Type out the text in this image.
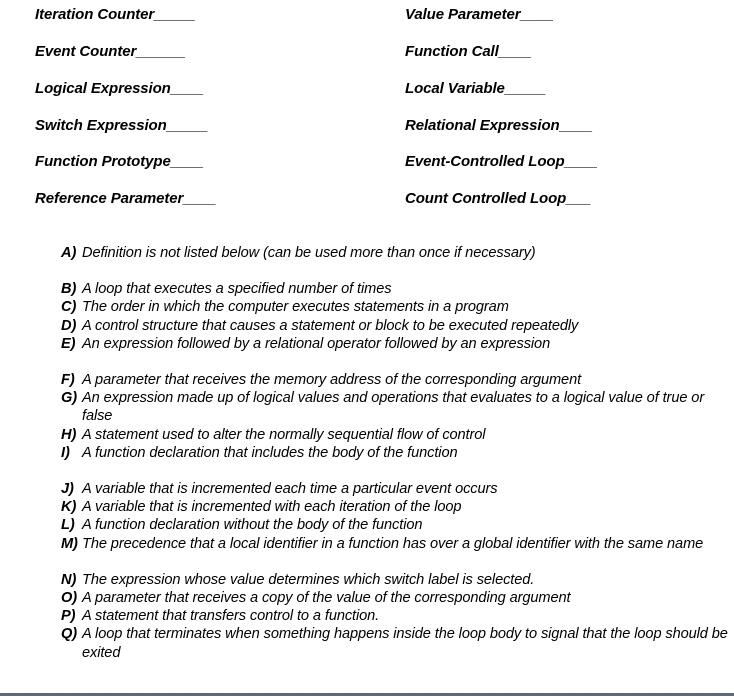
Iteration Counter_____
Event Counter______
Logical Expression____
Switch Expression_____
Function Prototype____
Reference Parameter____
Value Parameter____
Function Call____
Local Variable_____
Relational Expression____
Event-Controlled Loop____
Count Controlled Loop___
A) Definition is not listed below (can be used more than once if necessary)
B) A loop that executes a specified number of times
C) The order in which the computer executes statements in a program
D) A control structure that causes a statement or block to be executed repeatedly
E) An expression followed by a relational operator followed by an expression
F) A parameter that receives the memory address of the corresponding argument
G) An expression made up of logical values and operations that evaluates to a logical value of true or false
H) A statement used to alter the normally sequential flow of control
I) A function declaration that includes the body of the function
J) A variable that is incremented each time a particular event occurs
K) A variable that is incremented with each iteration of the loop
L) A function declaration without the body of the function
M) The precedence that a local identifier in a function has over a global identifier with the same name
N) The expression whose value determines which switch label is selected.
O) A parameter that receives a copy of the value of the corresponding argument
P) A statement that transfers control to a function.
Q) A loop that terminates when something happens inside the loop body to signal that the loop should be exited
